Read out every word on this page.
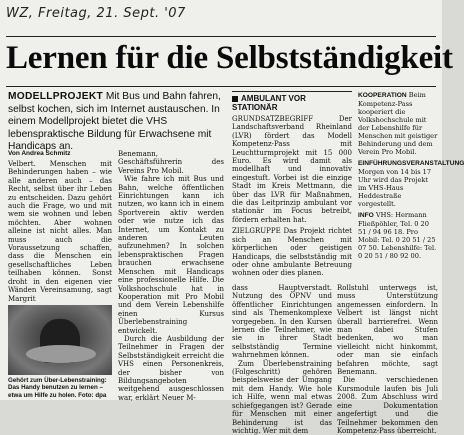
WZ, Freitag, 21. Sept. '07
Lernen für die Selbstständigkeit
MODELLPROJEKT Mit Bus und Bahn fahren, selbst kochen, sich im Internet austauschen. In einem Modellprojekt bietet die VHS lebenspraktische Bildung für Erwachsene mit Handicaps an.
Von Andrea Schmitz

Velbert. Menschen mit Behinderungen haben – wie alle anderen auch – das Recht, selbst über ihr Leben zu entscheiden. Dazu gehört auch die Frage, wo und mit wem sie wohnen und leben möchten. Aber wohnen alleine ist nicht alles. Man muss auch die Voraussetzung schaffen, dass die Menschen ein gesellschaftliches Leben teilhaben können. Sonst droht in den eigenen vier Wänden Vereinsamung, sagt Margrit

Gehört zum Über-Lebenstraining: Das Handy benutzen zu lernen – etwa um Hilfe zu holen. Foto: dpa

Benemann, Geschäftsführerin des Vereins Pro Mobil.

Wie fahre ich mit Bus und Bahn, welche öffentlichen Einrichtungen kann ich nutzen, wo kann ich in einem Sportverein aktiv werden oder wie nutze ich das Internet, um Kontakt zu anderen Leuten aufzunehmen? In solchen lebenspraktischen Fragen brauchen erwachsene Menschen mit Handicaps eine professionelle Hilfe. Die Volkshochschule hat in Kooperation mit Pro Mobil und dem Verein Lebenshilfe einen Kursus Überlebenstraining entwickelt.

Durch die Ausbildung der Teilnehmer in Fragen der Selbstständigkeit erreicht die VHS einen Personenkreis, der bisher von Bildungsangeboten weitgehend ausgeschlossen war, erklärt Neuer M-

AMBULANT VOR STATIONÄR

GRUNDSATZBEGRIFF Der Landschaftsverband Rheinland (LVR) fördert das Modell Kompetenz-Pass mit Leuchtturmprojekt mit 15 000 Euro. Es wird damit als modellhaft und innovativ eingestuft. Vorbei ist die einzige Stadt im Kreis Mettmann, die über das LVR für Maßnahmen, die das Leitprinzip ambulant vor stationär im Focus betreibt, fördern erhalten hat.

ZIELGRUPPE Das Projekt richtet sich an Menschen mit körperlichen oder geistigen Handicaps, die selbstständig mit oder ohne ambulante Betreuung wohnen oder dies planen.

KOOPERATION Beim Kompetenz-Pass kooperiert die Volkshochschule mit der Lebenshilfe für Menschen mit geistiger Behinderung und dem Verein Pro Mobil.

EINFÜHRUNGSVERANSTALTUNG Morgen von 14 bis 17 Uhr wird das Projekt im VHS-Haus Heddestraße vorgestellt.

INFO VHS: Hermann Fließpöhler, Tel. 0 20 51 / 94 96 18. Pro Mobil: Tel. 0 20 51 / 25 07 50. Lebenshilfe: Tel. 0 20 51 / 80 92 00.

dass Hauptverstadt. Nutzung des ÖPNV und öffentlicher Einrichtungen sind als Themenkomplexe vorgegeben. In den Kursen lernen die Teilnehmer, wie sie in ihrer Stadt selbstständig Termine wahrnehmen können.

Zum Überlebenstraining (Folgeschritt) gehören beispielsweise der Umgang mit dem Handy. Wie hole ich Hilfe, wenn mal etwas schiefgegangen ist? Gerade für Menschen mit einer Behinderung ist das wichtig. Wer mit dem

Rollstuhl unterwegs ist, muss Unterstützung angemessen einfordern. In Velbert ist längst nicht überall barrierefrei. Wenn man dabei Stufen bedenken, wo man vielleicht nicht hinkommt, oder man sie einfach befahren möchte, sagt Benemann.

Die verschiedenen Kursmodule laufen bis Juli 2008. Zum Abschluss wird eine Dokumentation angefertigt und die Teilnehmer bekommen den Kompetenz-Pass überreicht.
